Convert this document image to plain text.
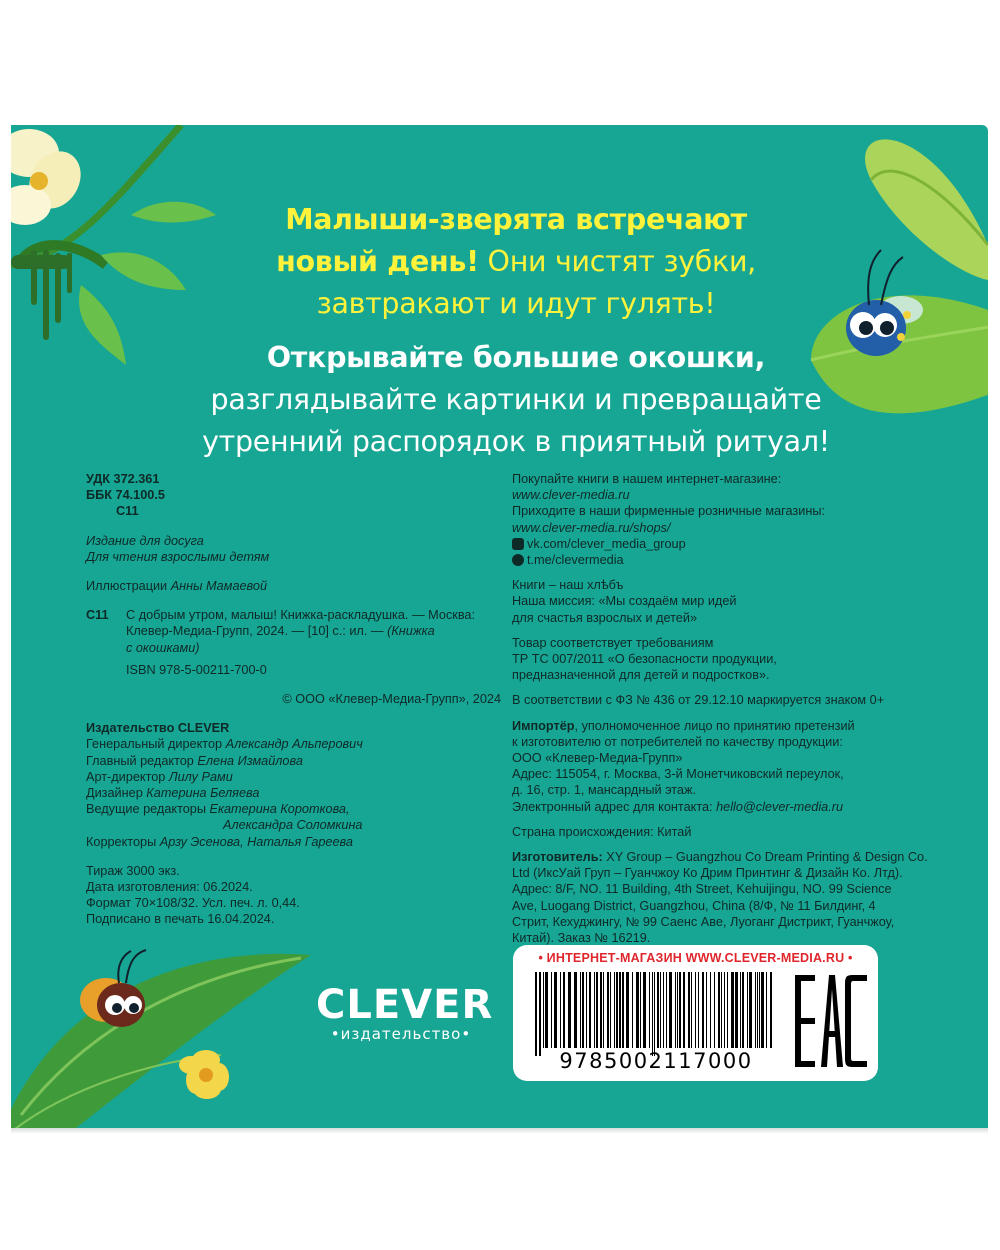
Малыши-зверята встречают
новый день! Они чистят зубки,
завтракают и идут гулять!
Открывайте большие окошки,
разглядывайте картинки и превращайте
утренний распорядок в приятный ритуал!
УДК 372.361
ББК 74.100.5
С11
Издание для досуга
Для чтения взрослыми детям
Иллюстрации Анны Мамаевой
С11 С добрым утром, малыш! Книжка-раскладушка. — Москва:
Клевер-Медиа-Групп, 2024. — [10] с.: ил. — (Книжка
с окошками)
ISBN 978-5-00211-700-0
© ООО «Клевер-Медиа-Групп», 2024
Издательство CLEVER
Генеральный директор Александр Альперович
Главный редактор Елена Измайлова
Арт-директор Лилу Рами
Дизайнер Катерина Беляева
Ведущие редакторы Екатерина Короткова,
Александра Соломкина
Корректоры Арзу Эсенова, Наталья Гареева
Тираж 3000 экз.
Дата изготовления: 06.2024.
Формат 70×108/32. Усл. печ. л. 0,44.
Подписано в печать 16.04.2024.
Покупайте книги в нашем интернет-магазине:
www.clever-media.ru
Приходите в наши фирменные розничные магазины:
www.clever-media.ru/shops/
vk.com/clever_media_group
t.me/clevermedia
Книги – наш хлѣбъ
Наша миссия: «Мы создаём мир идей
для счастья взрослых и детей»
Товар соответствует требованиям
ТР ТС 007/2011 «О безопасности продукции,
предназначенной для детей и подростков».
В соответствии с ФЗ № 436 от 29.12.10 маркируется знаком 0+
Импортёр, уполномоченное лицо по принятию претензий
к изготовителю от потребителей по качеству продукции:
ООО «Клевер-Медиа-Групп»
Адрес: 115054, г. Москва, 3-й Монетчиковский переулок,
д. 16, стр. 1, мансардный этаж.
Электронный адрес для контакта: hello@clever-media.ru
Страна происхождения: Китай
Изготовитель: XY Group – Guangzhou Co Dream Printing & Design Co.
Ltd (ИксУай Груп – Гуанчжоу Ко Дрим Принтинг & Дизайн Ко. Лтд).
Адрес: 8/F, NO. 11 Building, 4th Street, Kehuijingu, NO. 99 Science
Ave, Luogang District, Guangzhou, China (8/Ф, № 11 Билдинг, 4
Стрит, Кехуджингу, № 99 Саенс Аве, Луоганг Дистрикт, Гуанчжоу,
Китай). Заказ № 16219.
CLEVER
•издательство•
• ИНТЕРНЕТ-МАГАЗИН WWW.CLEVER-MEDIA.RU •
9785002117000
